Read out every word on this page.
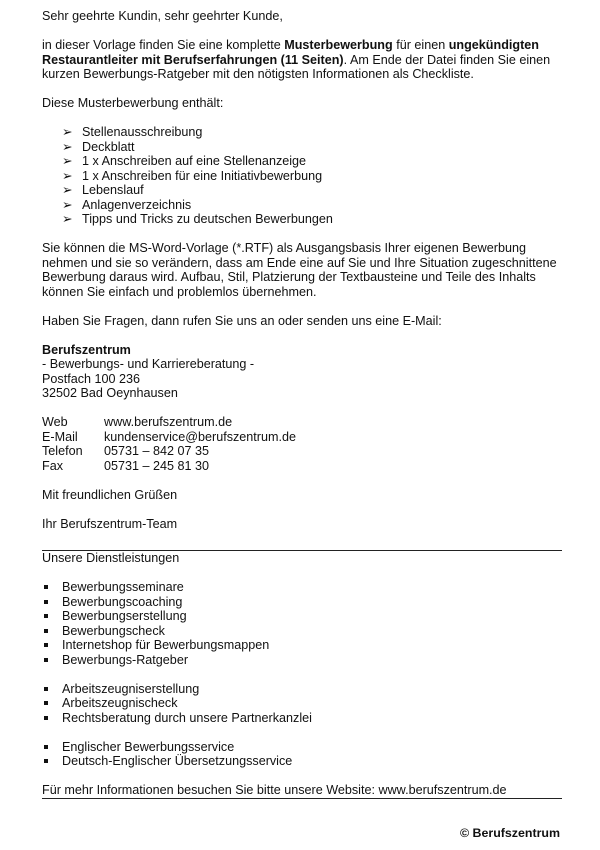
Sehr geehrte Kundin, sehr geehrter Kunde,
in dieser Vorlage finden Sie eine komplette Musterbewerbung für einen ungekündigten
Restaurantleiter mit Berufserfahrungen (11 Seiten). Am Ende der Datei finden Sie einen
kurzen Bewerbungs-Ratgeber mit den nötigsten Informationen als Checkliste.
Diese Musterbewerbung enthält:
➢ Stellenausschreibung
➢ Deckblatt
➢ 1 x Anschreiben auf eine Stellenanzeige
➢ 1 x Anschreiben für eine Initiativbewerbung
➢ Lebenslauf
➢ Anlagenverzeichnis
➢ Tipps und Tricks zu deutschen Bewerbungen
Sie können die MS-Word-Vorlage (*.RTF) als Ausgangsbasis Ihrer eigenen Bewerbung
nehmen und sie so verändern, dass am Ende eine auf Sie und Ihre Situation zugeschnittene
Bewerbung daraus wird. Aufbau, Stil, Platzierung der Textbausteine und Teile des Inhalts
können Sie einfach und problemlos übernehmen.
Haben Sie Fragen, dann rufen Sie uns an oder senden uns eine E-Mail:
Berufszentrum
- Bewerbungs- und Karriereberatung -
Postfach 100 236
32502 Bad Oeynhausen
Web	www.berufszentrum.de
E-Mail	kundenservice@berufszentrum.de
Telefon	05731 – 842 07 35
Fax	05731 – 245 81 30
Mit freundlichen Grüßen
Ihr Berufszentrum-Team
Unsere Dienstleistungen
Bewerbungsseminare
Bewerbungscoaching
Bewerbungserstellung
Bewerbungscheck
Internetshop für Bewerbungsmappen
Bewerbungs-Ratgeber
Arbeitszeugniserstellung
Arbeitszeugnischeck
Rechtsberatung durch unsere Partnerkanzlei
Englischer Bewerbungsservice
Deutsch-Englischer Übersetzungsservice
Für mehr Informationen besuchen Sie bitte unsere Website: www.berufszentrum.de
© Berufszentrum
